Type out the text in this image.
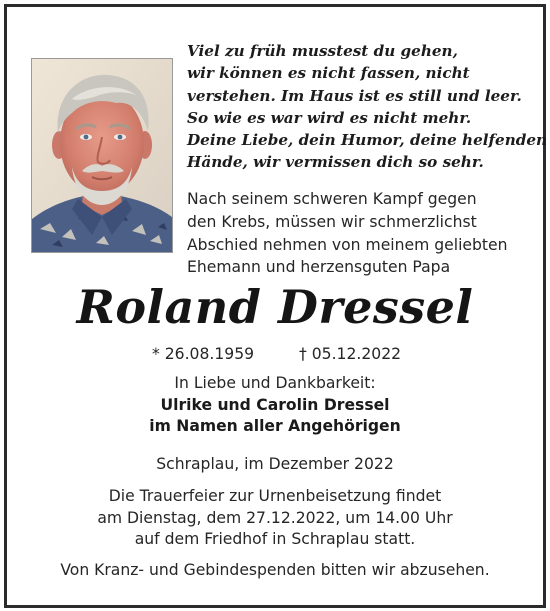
Viel zu früh musstest du gehen,
wir können es nicht fassen, nicht
verstehen. Im Haus ist es still und leer.
So wie es war wird es nicht mehr.
Deine Liebe, dein Humor, deine helfenden
Hände, wir vermissen dich so sehr.
Nach seinem schweren Kampf gegen
den Krebs, müssen wir schmerzlichst
Abschied nehmen von meinem geliebten
Ehemann und herzensguten Papa
Roland Dressel
* 26.08.1959	† 05.12.2022
In Liebe und Dankbarkeit:
Ulrike und Carolin Dressel
im Namen aller Angehörigen
Schraplau, im Dezember 2022
Die Trauerfeier zur Urnenbeisetzung findet
am Dienstag, dem 27.12.2022, um 14.00 Uhr
auf dem Friedhof in Schraplau statt.
Von Kranz- und Gebindespenden bitten wir abzusehen.
